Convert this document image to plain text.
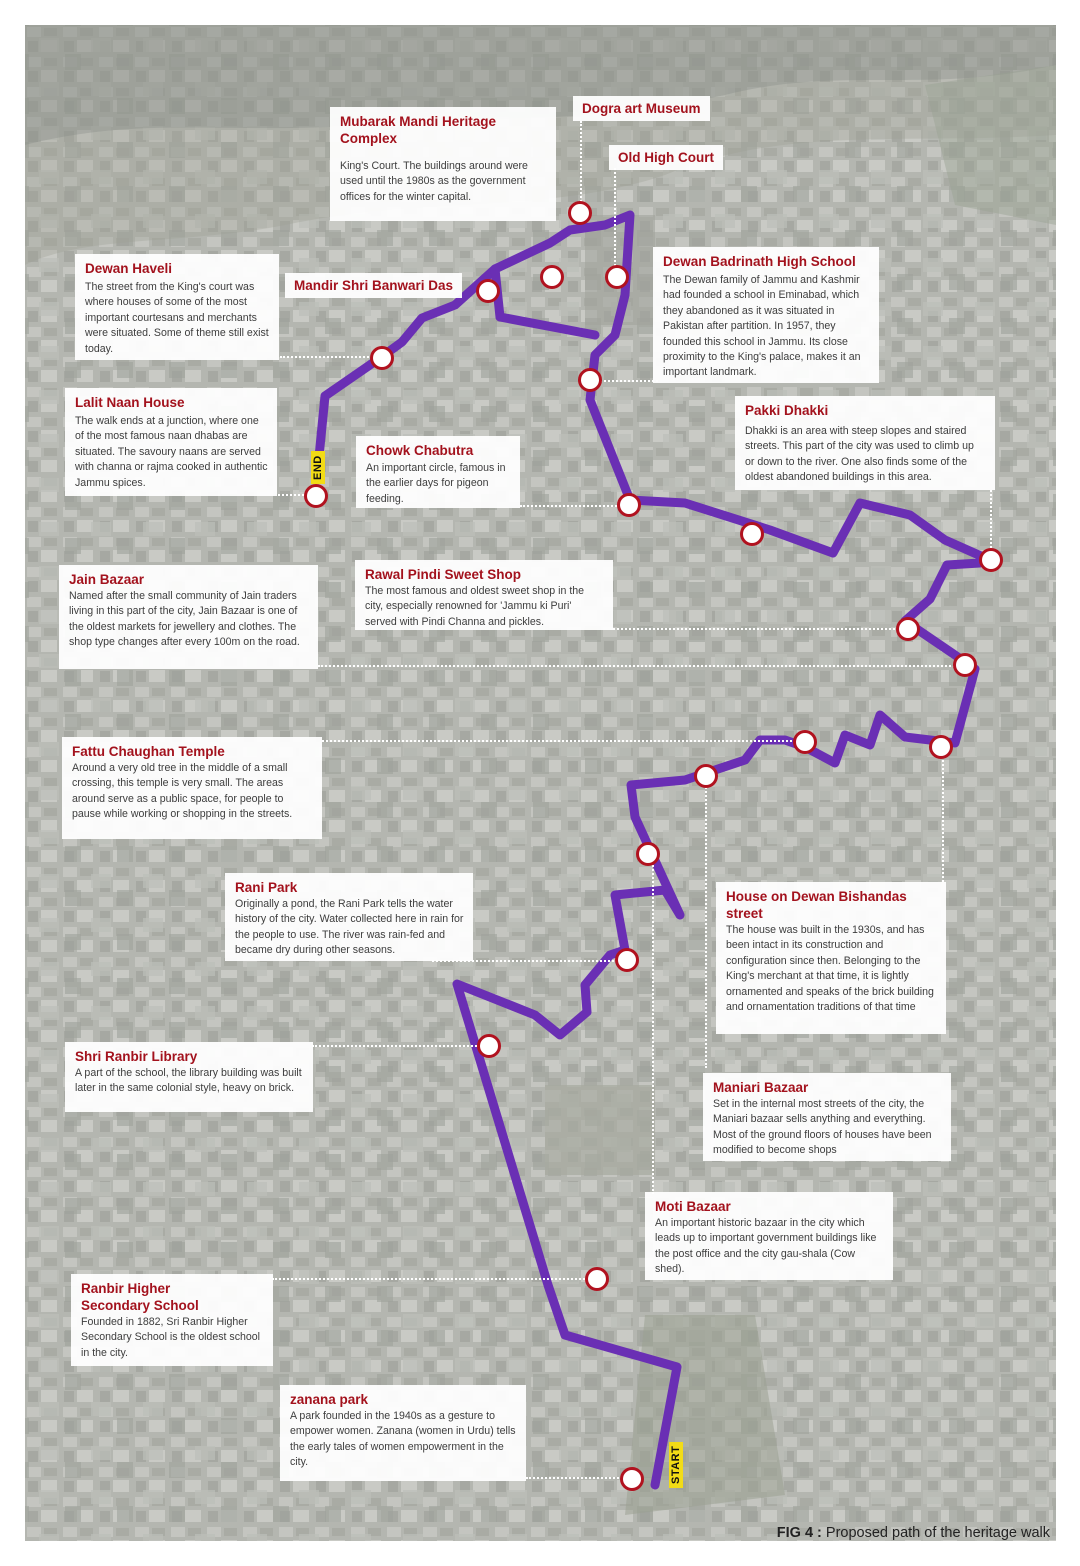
END
START
Mubarak Mandi Heritage Complex
King's Court. The buildings around were used until the 1980s as the government offices for the winter capital.
Dogra art Museum
Old High Court
Dewan Haveli
The street from the King's court was where houses of some of the most important courtesans and merchants were situated. Some of theme still exist today.
Mandir Shri Banwari Das
Dewan Badrinath High School
The Dewan family of Jammu and Kashmir had founded a school in Eminabad, which they abandoned as it was situated in Pakistan after partition. In 1957, they founded this school in Jammu. Its close proximity to the King's palace, makes it an important landmark.
Lalit Naan House
The walk ends at a junction, where one of the most famous naan dhabas are situated. The savoury naans are served with channa or rajma cooked in authentic Jammu spices.
Chowk Chabutra
An important circle, famous in the earlier days for pigeon feeding.
Pakki Dhakki
Dhakki is an area with steep slopes and staired streets. This part of the city was used to climb up or down to the river. One also finds some of the oldest abandoned buildings in this area.
Jain Bazaar
Named after the small community of Jain traders living in this part of the city, Jain Bazaar is one of the oldest markets for jewellery and clothes. The shop type changes after every 100m on the road.
Rawal Pindi Sweet Shop
The most famous and oldest sweet shop in the city, especially renowned for 'Jammu ki Puri' served with Pindi Channa and pickles.
Fattu Chaughan Temple
Around a very old tree in the middle of a small crossing, this temple is very small. The areas around serve as a public space, for people to pause while working or shopping in the streets.
Rani Park
Originally a pond, the Rani Park tells the water history of the city. Water collected here in rain for the people to use. The river was rain-fed and became dry during other seasons.
House on Dewan Bishandas street
The house was built in the 1930s, and has been intact in its construction and configuration since then. Belonging to the King's merchant at that time, it is lightly ornamented and speaks of the brick building and ornamentation traditions of that time
Shri Ranbir Library
A part of the school, the library building was built later in the same colonial style, heavy on brick.	Maniari Bazaar
Set in the internal most streets of the city, the Maniari bazaar sells anything and everything. Most of the ground floors of houses have been modified to become shops
Moti Bazaar
An important historic bazaar in the city which leads up to important government buildings like the post office and the city gau-shala (Cow shed).
Ranbir Higher Secondary School
Founded in 1882, Sri Ranbir Higher Secondary School is the oldest school in the city.
zanana park
A park founded in the 1940s as a gesture to empower women. Zanana (women in Urdu) tells the early tales of women empowerment in the city.
FIG 4 : Proposed path of the heritage walk
